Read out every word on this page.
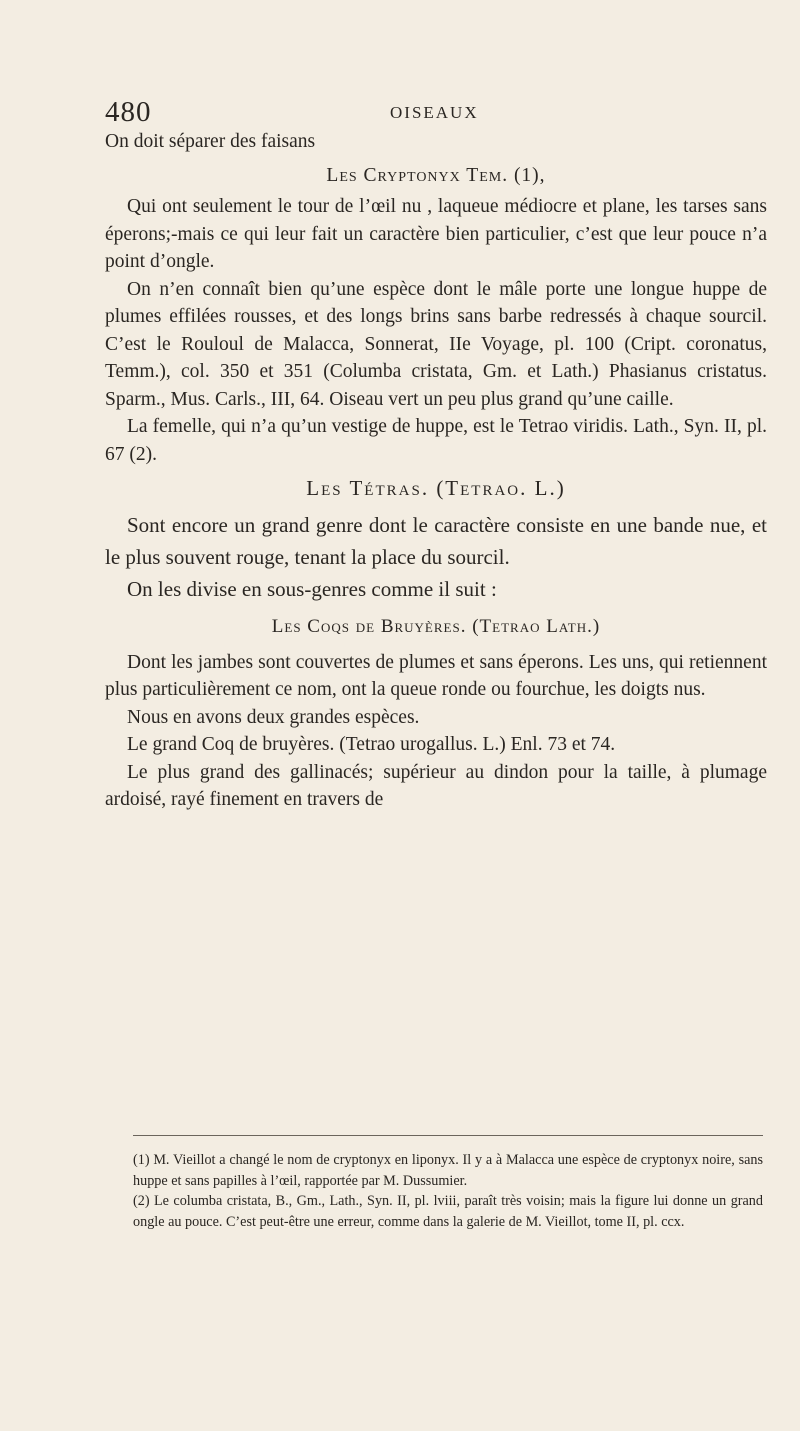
480	OISEAUX

On doit séparer des faisans

Les Cryptonyx Tem. (1),

Qui ont seulement le tour de l’œil nu , laqueue médiocre et plane, les tarses sans éperons;-mais ce qui leur fait un caractère bien particulier, c’est que leur pouce n’a point d’ongle.

On n’en connaît bien qu’une espèce dont le mâle porte une longue huppe de plumes effilées rousses, et des longs brins sans barbe redressés à chaque sourcil. C’est le Rouloul de Malacca, Sonnerat, IIe Voyage, pl. 100 (Cript. coronatus, Temm.), col. 350 et 351 (Columba cristata, Gm. et Lath.) Phasianus cristatus. Sparm., Mus. Carls., III, 64. Oiseau vert un peu plus grand qu’une caille.

La femelle, qui n’a qu’un vestige de huppe, est le Tetrao viridis. Lath., Syn. II, pl. 67 (2).

Les Tétras. (Tetrao. L.)

Sont encore un grand genre dont le caractère consiste en une bande nue, et le plus souvent rouge, tenant la place du sourcil.

On les divise en sous-genres comme il suit :

Les Coqs de Bruyères. (Tetrao Lath.)

Dont les jambes sont couvertes de plumes et sans éperons. Les uns, qui retiennent plus particulièrement ce nom, ont la queue ronde ou fourchue, les doigts nus.

Nous en avons deux grandes espèces.

Le grand Coq de bruyères. (Tetrao urogallus. L.) Enl. 73 et 74.

Le plus grand des gallinacés; supérieur au dindon pour la taille, à plumage ardoisé, rayé finement en travers de

(1) M. Vieillot a changé le nom de cryptonyx en liponyx. Il y a à Malacca une espèce de cryptonyx noire, sans huppe et sans papilles à l’œil, rapportée par M. Dussumier.

(2) Le columba cristata, B., Gm., Lath., Syn. II, pl. lviii, paraît très voisin; mais la figure lui donne un grand ongle au pouce. C’est peut-être une erreur, comme dans la galerie de M. Vieillot, tome II, pl. ccx.
